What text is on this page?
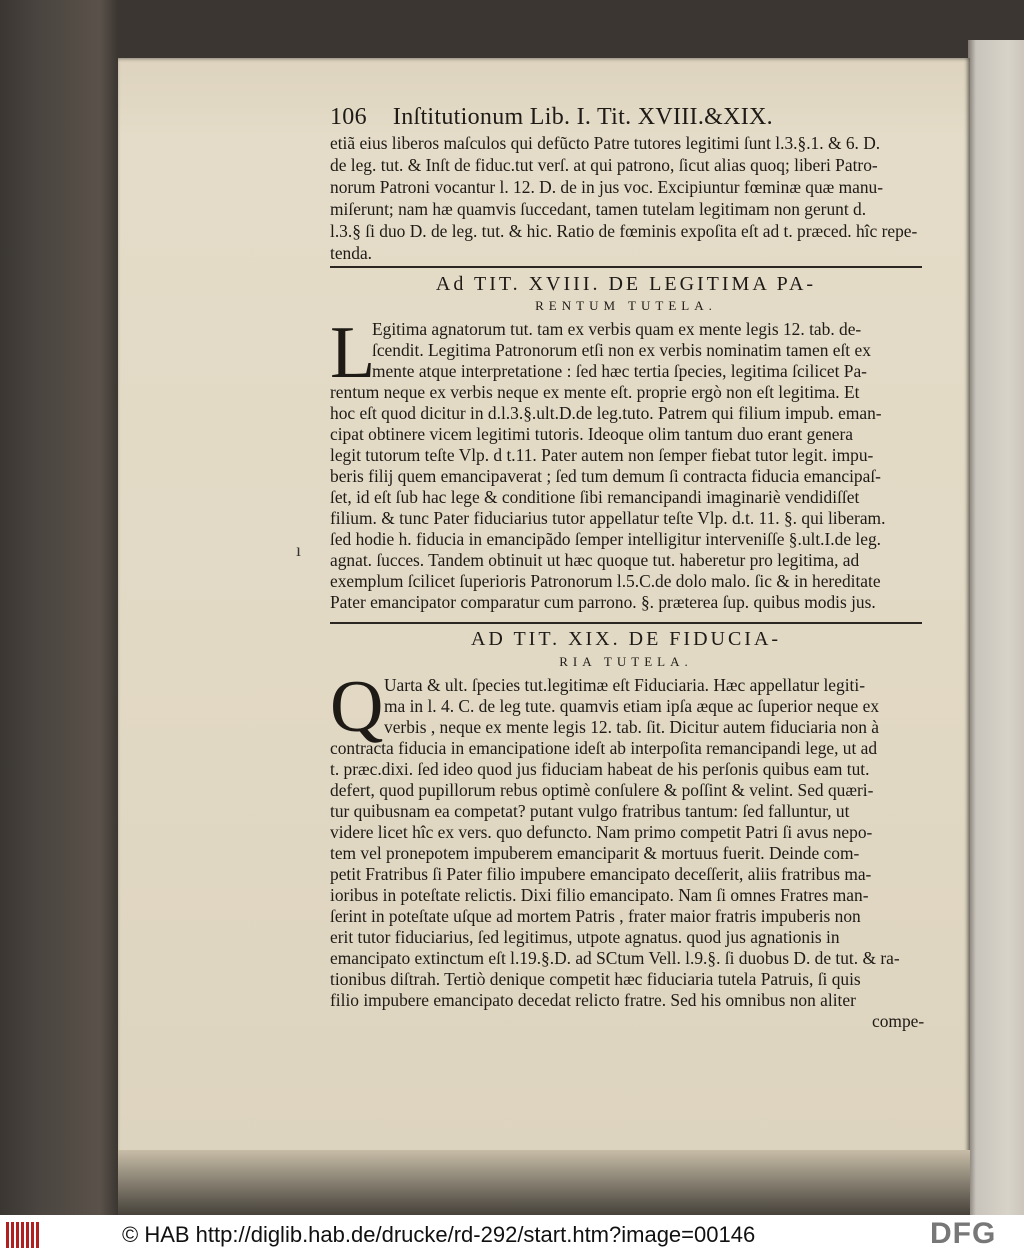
106 Inſtitutionum Lib. I. Tit. XVIII.&XIX.
etiã eius liberos maſculos qui defũcto Patre tutores legitimi ſunt l.3.§.1. & 6. D.
de leg. tut. & Inſt de fiduc.tut verſ. at qui patrono, ſicut alias quoq; liberi Patro-
norum Patroni vocantur l. 12. D. de in jus voc. Excipiuntur fœminæ quæ manu-
miſerunt; nam hæ quamvis ſuccedant, tamen tutelam legitimam non gerunt d.
l.3.§ ſi duo D. de leg. tut. & hic. Ratio de fœminis expoſita eſt ad t. præced. hîc repe-
tenda.
Ad TIT. XVIII. DE LEGITIMA PA-
RENTUM TUTELA.
L
Egitima agnatorum tut. tam ex verbis quam ex mente legis 12. tab. de-
ſcendit. Legitima Patronorum etſi non ex verbis nominatim tamen eſt ex
mente atque interpretatione : ſed hæc tertia ſpecies, legitima ſcilicet Pa-
rentum neque ex verbis neque ex mente eſt. proprie ergò non eſt legitima. Et
hoc eſt quod dicitur in d.l.3.§.ult.D.de leg.tuto. Patrem qui filium impub. eman-
cipat obtinere vicem legitimi tutoris. Ideoque olim tantum duo erant genera
legit tutorum teſte Vlp. d t.11. Pater autem non ſemper fiebat tutor legit. impu-
beris filij quem emancipaverat ; ſed tum demum ſi contracta fiducia emancipaſ-
ſet, id eſt ſub hac lege & conditione ſibi remancipandi imaginariè vendidiſſet
filium. & tunc Pater fiduciarius tutor appellatur teſte Vlp. d.t. 11. §. qui liberam.
ſed hodie h. fiducia in emancipãdo ſemper intelligitur interveniſſe §.ult.I.de leg.
agnat. ſucces. Tandem obtinuit ut hæc quoque tut. haberetur pro legitima, ad
exemplum ſcilicet ſuperioris Patronorum l.5.C.de dolo malo. ſic & in hereditate
Pater emancipator comparatur cum parrono. §. præterea ſup. quibus modis jus.
ı
AD TIT. XIX. DE FIDUCIA-
RIA TUTELA.
Q Uarta & ult. ſpecies tut.legitimæ eſt Fiduciaria. Hæc appellatur legiti-
ma in l. 4. C. de leg tute. quamvis etiam ipſa æque ac ſuperior neque ex
verbis , neque ex mente legis 12. tab. ſit. Dicitur autem fiduciaria non à
contracta fiducia in emancipatione ideſt ab interpoſita remancipandi lege, ut ad
t. præc.dixi. ſed ideo quod jus fiduciam habeat de his perſonis quibus eam tut.
defert, quod pupillorum rebus optimè conſulere & poſſint & velint. Sed quæri-
tur quibusnam ea competat? putant vulgo fratribus tantum: ſed falluntur, ut
videre licet hîc ex vers. quo defuncto. Nam primo competit Patri ſi avus nepo-
tem vel pronepotem impuberem emanciparit & mortuus fuerit. Deinde com-
petit Fratribus ſi Pater filio impubere emancipato deceſſerit, aliis fratribus ma-
ioribus in poteſtate relictis. Dixi filio emancipato. Nam ſi omnes Fratres man-
ſerint in poteſtate uſque ad mortem Patris , frater maior fratris impuberis non
erit tutor fiduciarius, ſed legitimus, utpote agnatus. quod jus agnationis in
emancipato extinctum eſt l.19.§.D. ad SCtum Vell. l.9.§. ſi duobus D. de tut. & ra-
tionibus diſtrah. Tertiò denique competit hæc fiduciaria tutela Patruis, ſi quis
filio impubere emancipato decedat relicto fratre. Sed his omnibus non aliter
compe-
© HAB http://diglib.hab.de/drucke/rd-292/start.htm?image=00146	DFG
